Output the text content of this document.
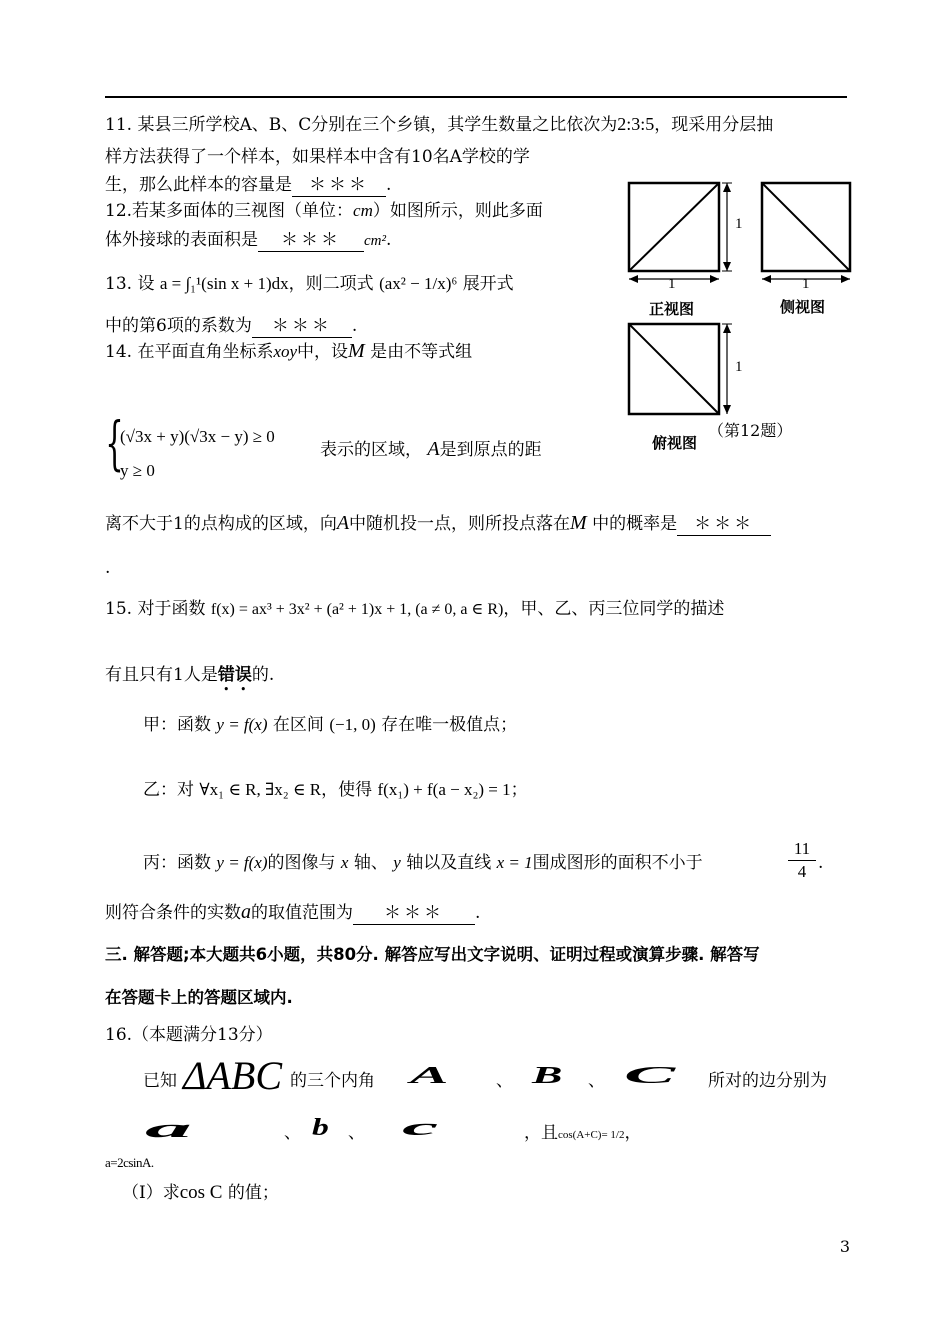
11. 某县三所学校A、B、C分别在三个乡镇，其学生数量之比依次为2:3:5，现采用分层抽
样方法获得了一个样本，如果样本中含有10名A学校的学
生，那么此样本的容量是 ＊＊＊ .
12.若某多面体的三视图（单位：cm）如图所示，则此多面
体外接球的表面积是 ＊＊＊ cm².
13. 设 a = ∫₁¹(sin x + 1)dx，则二项式 (ax² − 1/x)⁶ 展开式
中的第6项的系数为 ＊＊＊ .
14. 在平面直角坐标系xoy中，设M 是由不等式组
{
(√3x + y)(√3x − y) ≥ 0
y ≥ 0
表示的区域， A是到原点的距
离不大于1的点构成的区域，向A中随机投一点，则所投点落在M 中的概率是 ＊＊＊
.
1
1	1
1
正视图	侧视图
俯视图
（第12题）
15. 对于函数 f(x) = ax³ + 3x² + (a² + 1)x + 1, (a ≠ 0, a ∈ R)，甲、乙、丙三位同学的描述
有且只有1人是错误的.
甲：函数 y = f(x) 在区间 (−1, 0) 存在唯一极值点；
乙：对 ∀x₁ ∈ R, ∃x₂ ∈ R，使得 f(x₁) + f(a − x₂) = 1；
丙：函数 y = f(x)的图像与 x 轴、 y 轴以及直线 x = 1围成图形的面积不小于
11
4 .
则符合条件的实数a的取值范围为 ＊＊＊ .
三. 解答题;本大题共6小题，共80分. 解答应写出文字说明、证明过程或演算步骤. 解答写
在答题卡上的答题区域内.
16.（本题满分13分）
已知 ΔABC 的三个内角 A	、 B 、 C 所对的边分别为
a	、 b 、 c	，且cos(A+C)= 1/2，
a=2csinA.
（Ⅰ）求cos C 的值；
3
